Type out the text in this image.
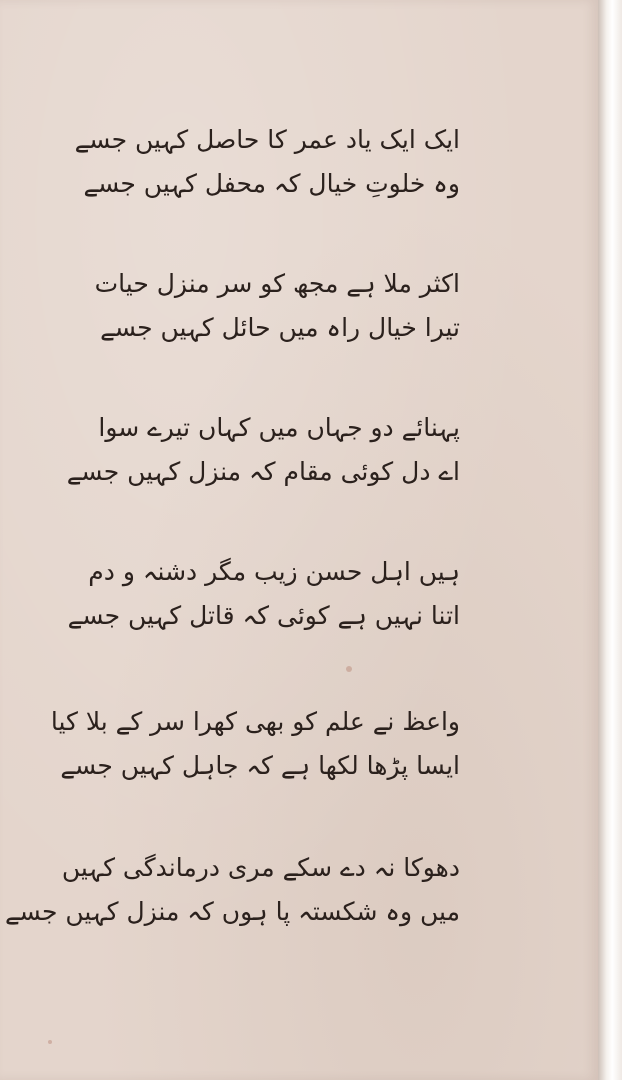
ایک ایک یاد عمر کا حاصل کہیں جسے
وہ خلوتِ خیال کہ محفل کہیں جسے
اکثر ملا ہے مجھ کو سر منزل حیات
تیرا خیال راہ میں حائل کہیں جسے
پہنائے دو جہاں میں کہاں تیرے سوا
اے دل کوئی مقام کہ منزل کہیں جسے
ہیں اہل حسن زیب مگر دشنہ و دم
اتنا نہیں ہے کوئی کہ قاتل کہیں جسے
واعظ نے علم کو بھی کھرا سر کے بلا کیا
ایسا پڑھا لکھا ہے کہ جاہل کہیں جسے
دھوکا نہ دے سکے مری درماندگی کہیں
میں وہ شکستہ پا ہوں کہ منزل کہیں جسے
